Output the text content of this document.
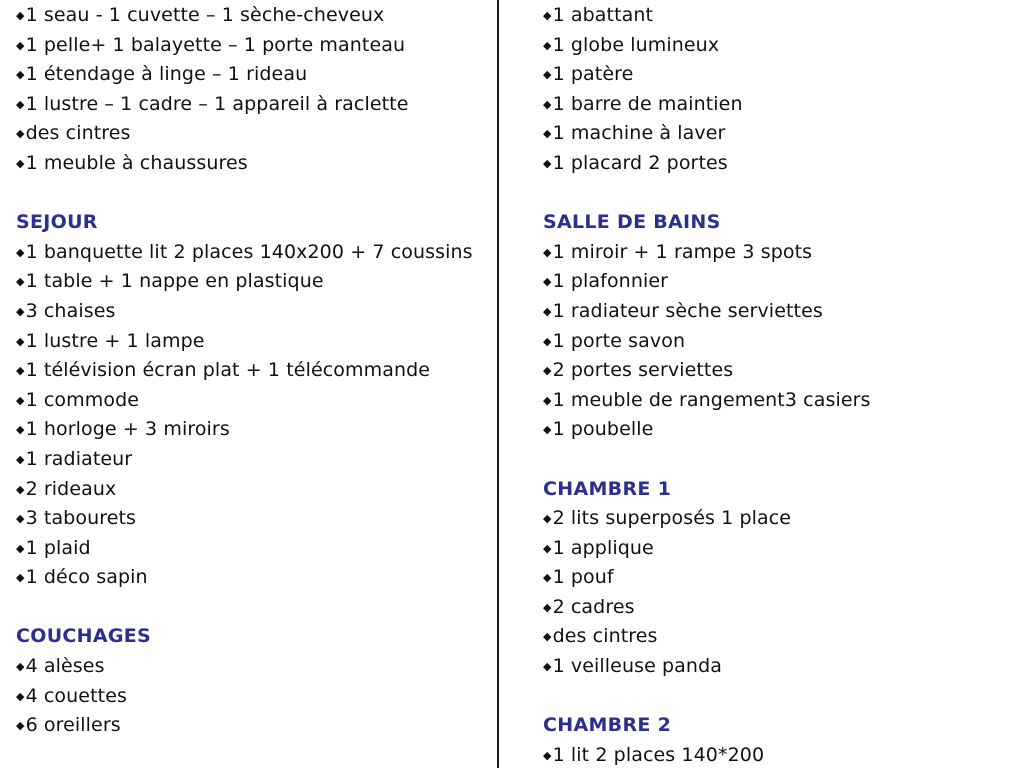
◆1 seau - 1 cuvette – 1 sèche-cheveux
◆1 pelle+ 1 balayette – 1 porte manteau
◆1 étendage à linge – 1 rideau
◆1 lustre – 1 cadre – 1 appareil à raclette
◆des cintres
◆1 meuble à chaussures
SEJOUR
◆1 banquette lit 2 places 140x200 + 7 coussins
◆1 table + 1 nappe en plastique
◆3 chaises
◆1 lustre + 1 lampe
◆1 télévision écran plat + 1 télécommande
◆1 commode
◆1 horloge + 3 miroirs
◆1 radiateur
◆2 rideaux
◆3 tabourets
◆1 plaid
◆1 déco sapin
COUCHAGES
◆4 alèses
◆4 couettes
◆6 oreillers
◆1 abattant
◆1 globe lumineux
◆1 patère
◆1 barre de maintien
◆1 machine à laver
◆1 placard 2 portes
SALLE DE BAINS
◆1 miroir + 1 rampe 3 spots
◆1 plafonnier
◆1 radiateur sèche serviettes
◆1 porte savon
◆2 portes serviettes
◆1 meuble de rangement3 casiers
◆1 poubelle
CHAMBRE 1
◆2 lits superposés 1 place
◆1 applique
◆1 pouf
◆2 cadres
◆des cintres
◆1 veilleuse panda
CHAMBRE 2
◆1 lit 2 places 140*200
